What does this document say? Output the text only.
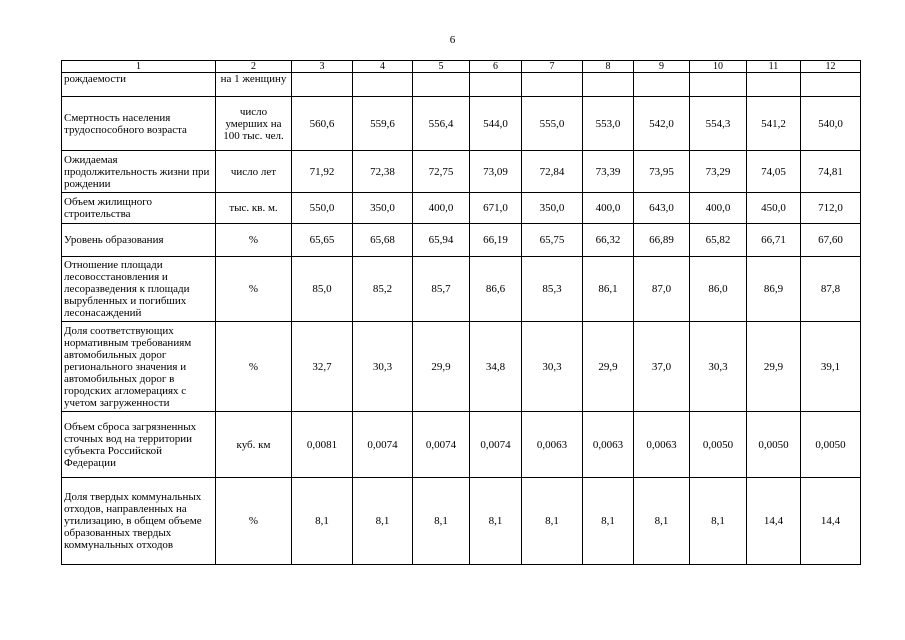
6
1	2	3	4	5	6	7	8	9	10	11	12
рождаемости	на 1 женщину										
Смертность населения трудоспособного возраста	число умерших на 100 тыс. чел.	560,6	559,6	556,4	544,0	555,0	553,0	542,0	554,3	541,2	540,0
Ожидаемая продолжительность жизни при рождении	число лет	71,92	72,38	72,75	73,09	72,84	73,39	73,95	73,29	74,05	74,81
Объем жилищного строительства	тыс. кв. м.	550,0	350,0	400,0	671,0	350,0	400,0	643,0	400,0	450,0	712,0
Уровень образования	%	65,65	65,68	65,94	66,19	65,75	66,32	66,89	65,82	66,71	67,60
Отношение площади лесовосстановления и лесоразведения к площади вырубленных и погибших лесонасаждений	%	85,0	85,2	85,7	86,6	85,3	86,1	87,0	86,0	86,9	87,8
Доля соответствующих нормативным требованиям автомобильных дорог регионального значения и автомобильных дорог в городских агломерациях с учетом загруженности	%	32,7	30,3	29,9	34,8	30,3	29,9	37,0	30,3	29,9	39,1
Объем сброса загрязненных сточных вод на территории субъекта Российской Федерации	куб. км	0,0081	0,0074	0,0074	0,0074	0,0063	0,0063	0,0063	0,0050	0,0050	0,0050
Доля твердых коммунальных отходов, направленных на утилизацию, в общем объеме образованных твердых коммунальных отходов	%	8,1	8,1	8,1	8,1	8,1	8,1	8,1	8,1	14,4	14,4
